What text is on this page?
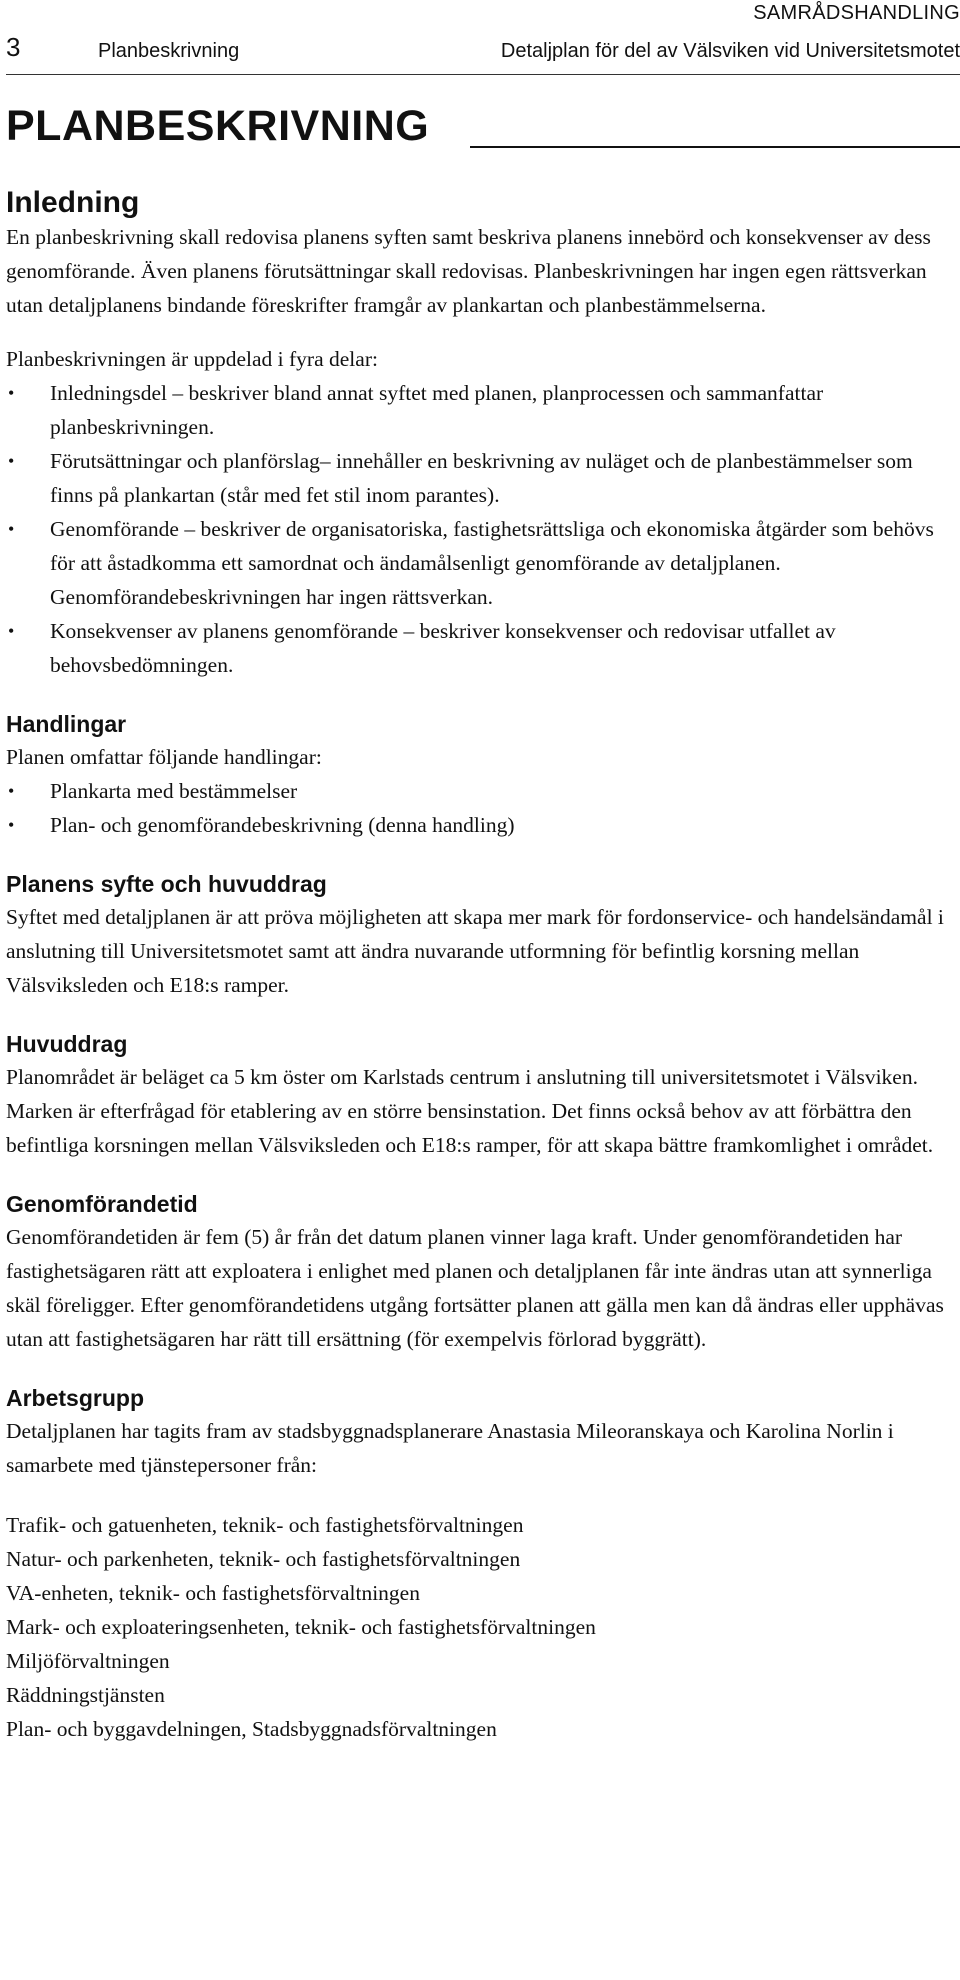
SAMRÅDSHANDLING
3	Planbeskrivning	Detaljplan för del av Välsviken vid Universitetsmotet
PLANBESKRIVNING
Inledning

En planbeskrivning skall redovisa planens syften samt beskriva planens innebörd och konsekvenser av dess genomförande. Även planens förutsättningar skall redovisas. Planbeskrivningen har ingen egen rättsverkan utan detaljplanens bindande föreskrifter framgår av plankartan och planbestämmelserna.

Planbeskrivningen är uppdelad i fyra delar:

• Inledningsdel – beskriver bland annat syftet med planen, planprocessen och sammanfattar planbeskrivningen.
• Förutsättningar och planförslag– innehåller en beskrivning av nuläget och de planbestämmelser som finns på plankartan (står med fet stil inom parantes).
• Genomförande – beskriver de organisatoriska, fastighetsrättsliga och ekonomiska åtgärder som behövs för att åstadkomma ett samordnat och ändamålsenligt genomförande av detaljplanen. Genomförandebeskrivningen har ingen rättsverkan.
• Konsekvenser av planens genomförande – beskriver konsekvenser och redovisar utfallet av behovsbedömningen.
Handlingar

Planen omfattar följande handlingar:

• Plankarta med bestämmelser
• Plan- och genomförandebeskrivning (denna handling)
Planens syfte och huvuddrag

Syftet med detaljplanen är att pröva möjligheten att skapa mer mark för fordonservice- och handelsändamål i anslutning till Universitetsmotet samt att ändra nuvarande utformning för befintlig korsning mellan Välsviksleden och E18:s ramper.

Huvuddrag

Planområdet är beläget ca 5 km öster om Karlstads centrum i anslutning till universitetsmotet i Välsviken. Marken är efterfrågad för etablering av en större bensinstation. Det finns också behov av att förbättra den befintliga korsningen mellan Välsviksleden och E18:s ramper, för att skapa bättre framkomlighet i området.

Genomförandetid

Genomförandetiden är fem (5) år från det datum planen vinner laga kraft. Under genomförandetiden har fastighetsägaren rätt att exploatera i enlighet med planen och detaljplanen får inte ändras utan att synnerliga skäl föreligger. Efter genomförandetidens utgång fortsätter planen att gälla men kan då ändras eller upphävas utan att fastighetsägaren har rätt till ersättning (för exempelvis förlorad byggrätt).

Arbetsgrupp

Detaljplanen har tagits fram av stadsbyggnadsplanerare Anastasia Mileoranskaya och Karolina Norlin i samarbete med tjänstepersoner från:

Trafik- och gatuenheten, teknik- och fastighetsförvaltningen
Natur- och parkenheten, teknik- och fastighetsförvaltningen
VA-enheten, teknik- och fastighetsförvaltningen
Mark- och exploateringsenheten, teknik- och fastighetsförvaltningen
Miljöförvaltningen
Räddningstjänsten
Plan- och byggavdelningen, Stadsbyggnadsförvaltningen
